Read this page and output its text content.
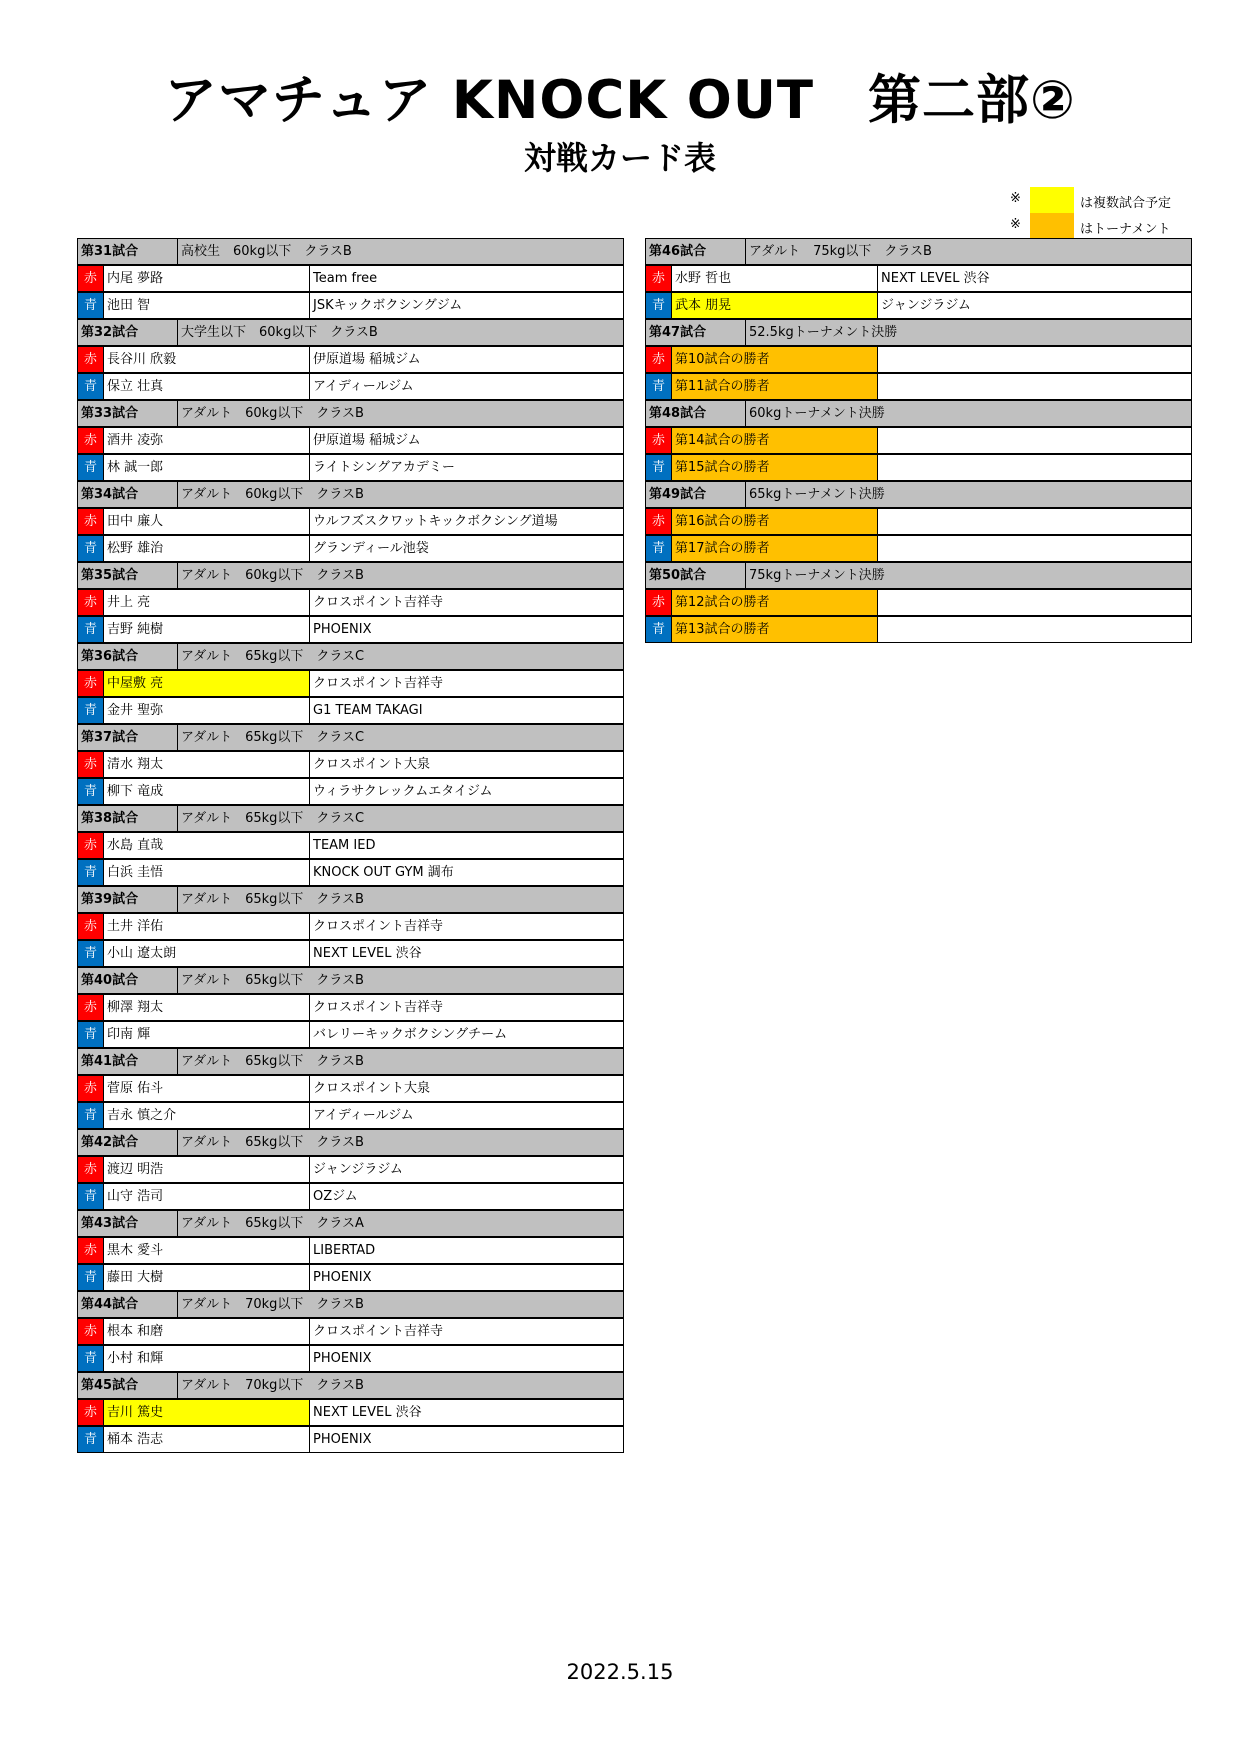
アマチュア KNOCK OUT　第二部②
対戦カード表
※	は複数試合予定
※	はトーナメント
第31試合	高校生　60kg以下　クラスB
赤 内尾 夢路	Team free
青 池田 智	JSKキックボクシングジム
第32試合	大学生以下　60kg以下　クラスB
赤 長谷川 欣毅	伊原道場 稲城ジム
青 保立 壮真	アイディールジム
第33試合	アダルト　60kg以下　クラスB
赤 酒井 凌弥	伊原道場 稲城ジム
青 林 誠一郎	ライトシングアカデミー
第34試合	アダルト　60kg以下　クラスB
赤 田中 廉人	ウルフズスクワットキックボクシング道場
青 松野 雄治	グランディール池袋
第35試合	アダルト　60kg以下　クラスB
赤 井上 亮	クロスポイント吉祥寺
青 吉野 純樹	PHOENIX
第36試合	アダルト　65kg以下　クラスC
赤 中屋敷 亮	クロスポイント吉祥寺
青 金井 聖弥	G1 TEAM TAKAGI
第37試合	アダルト　65kg以下　クラスC
赤 清水 翔太	クロスポイント大泉
青 柳下 竜成	ウィラサクレックムエタイジム
第38試合	アダルト　65kg以下　クラスC
赤 水島 直哉	TEAM IED
青 白浜 圭悟	KNOCK OUT GYM 調布
第39試合	アダルト　65kg以下　クラスB
赤 土井 洋佑	クロスポイント吉祥寺
青 小山 遼太朗	NEXT LEVEL 渋谷
第40試合	アダルト　65kg以下　クラスB
赤 柳澤 翔太	クロスポイント吉祥寺
青 印南 輝	バレリーキックボクシングチーム
第41試合	アダルト　65kg以下　クラスB
赤 菅原 佑斗	クロスポイント大泉
青 吉永 慎之介	アイディールジム
第42試合	アダルト　65kg以下　クラスB
赤 渡辺 明浩	ジャンジラジム
青 山守 浩司	OZジム
第43試合	アダルト　65kg以下　クラスA
赤 黒木 愛斗	LIBERTAD
青 藤田 大樹	PHOENIX
第44試合	アダルト　70kg以下　クラスB
赤 根本 和磨	クロスポイント吉祥寺
青 小村 和輝	PHOENIX
第45試合	アダルト　70kg以下　クラスB
赤 吉川 篤史	NEXT LEVEL 渋谷
青 桶本 浩志	PHOENIX
第46試合	アダルト　75kg以下　クラスB
赤 水野 哲也	NEXT LEVEL 渋谷
青 武本 朋晃	ジャンジラジム
第47試合	52.5kgトーナメント決勝
赤 第10試合の勝者
青 第11試合の勝者
第48試合	60kgトーナメント決勝
赤 第14試合の勝者
青 第15試合の勝者
第49試合	65kgトーナメント決勝
赤 第16試合の勝者
青 第17試合の勝者
第50試合	75kgトーナメント決勝
赤 第12試合の勝者
青 第13試合の勝者
2022.5.15
